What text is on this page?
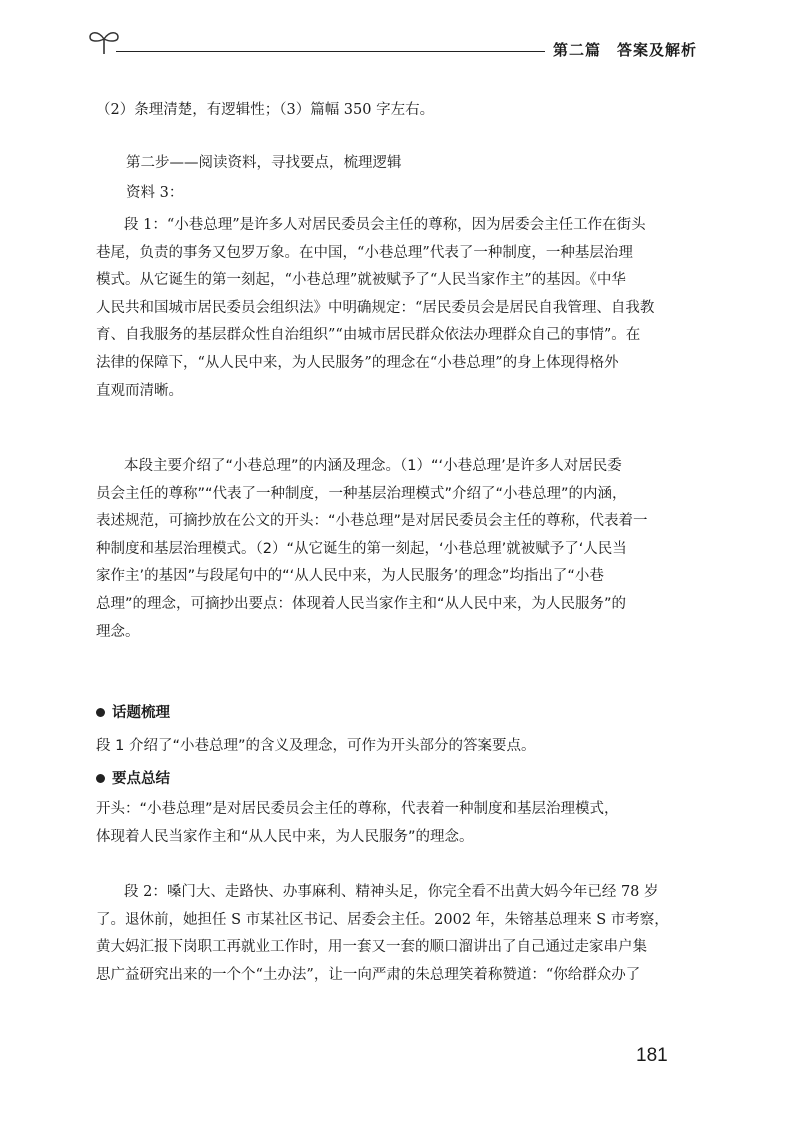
第二篇　答案及解析
（2）条理清楚，有逻辑性；（3）篇幅 350 字左右。
第二步——阅读资料，寻找要点，梳理逻辑
资料 3：
段 1：“小巷总理”是许多人对居民委员会主任的尊称，因为居委会主任工作在街头
巷尾，负责的事务又包罗万象。在中国，“小巷总理”代表了一种制度，一种基层治理
模式。从它诞生的第一刻起，“小巷总理”就被赋予了“人民当家作主”的基因。《中华
人民共和国城市居民委员会组织法》中明确规定：“居民委员会是居民自我管理、自我教
育、自我服务的基层群众性自治组织”“由城市居民群众依法办理群众自己的事情”。在
法律的保障下，“从人民中来，为人民服务”的理念在“小巷总理”的身上体现得格外
直观而清晰。
本段主要介绍了“小巷总理”的内涵及理念。（1）“‘小巷总理’是许多人对居民委
员会主任的尊称”“代表了一种制度，一种基层治理模式”介绍了“小巷总理”的内涵，
表述规范，可摘抄放在公文的开头：“小巷总理”是对居民委员会主任的尊称，代表着一
种制度和基层治理模式。（2）“从它诞生的第一刻起，‘小巷总理’就被赋予了‘人民当
家作主’的基因”与段尾句中的“‘从人民中来，为人民服务’的理念”均指出了“小巷
总理”的理念，可摘抄出要点：体现着人民当家作主和“从人民中来，为人民服务”的
理念。
话题梳理
段 1 介绍了“小巷总理”的含义及理念，可作为开头部分的答案要点。
要点总结
开头：“小巷总理”是对居民委员会主任的尊称，代表着一种制度和基层治理模式，
体现着人民当家作主和“从人民中来，为人民服务”的理念。
段 2：嗓门大、走路快、办事麻利、精神头足，你完全看不出黄大妈今年已经 78 岁
了。退休前，她担任 S 市某社区书记、居委会主任。2002 年，朱镕基总理来 S 市考察，
黄大妈汇报下岗职工再就业工作时，用一套又一套的顺口溜讲出了自己通过走家串户集
思广益研究出来的一个个“土办法”，让一向严肃的朱总理笑着称赞道：“你给群众办了
181
